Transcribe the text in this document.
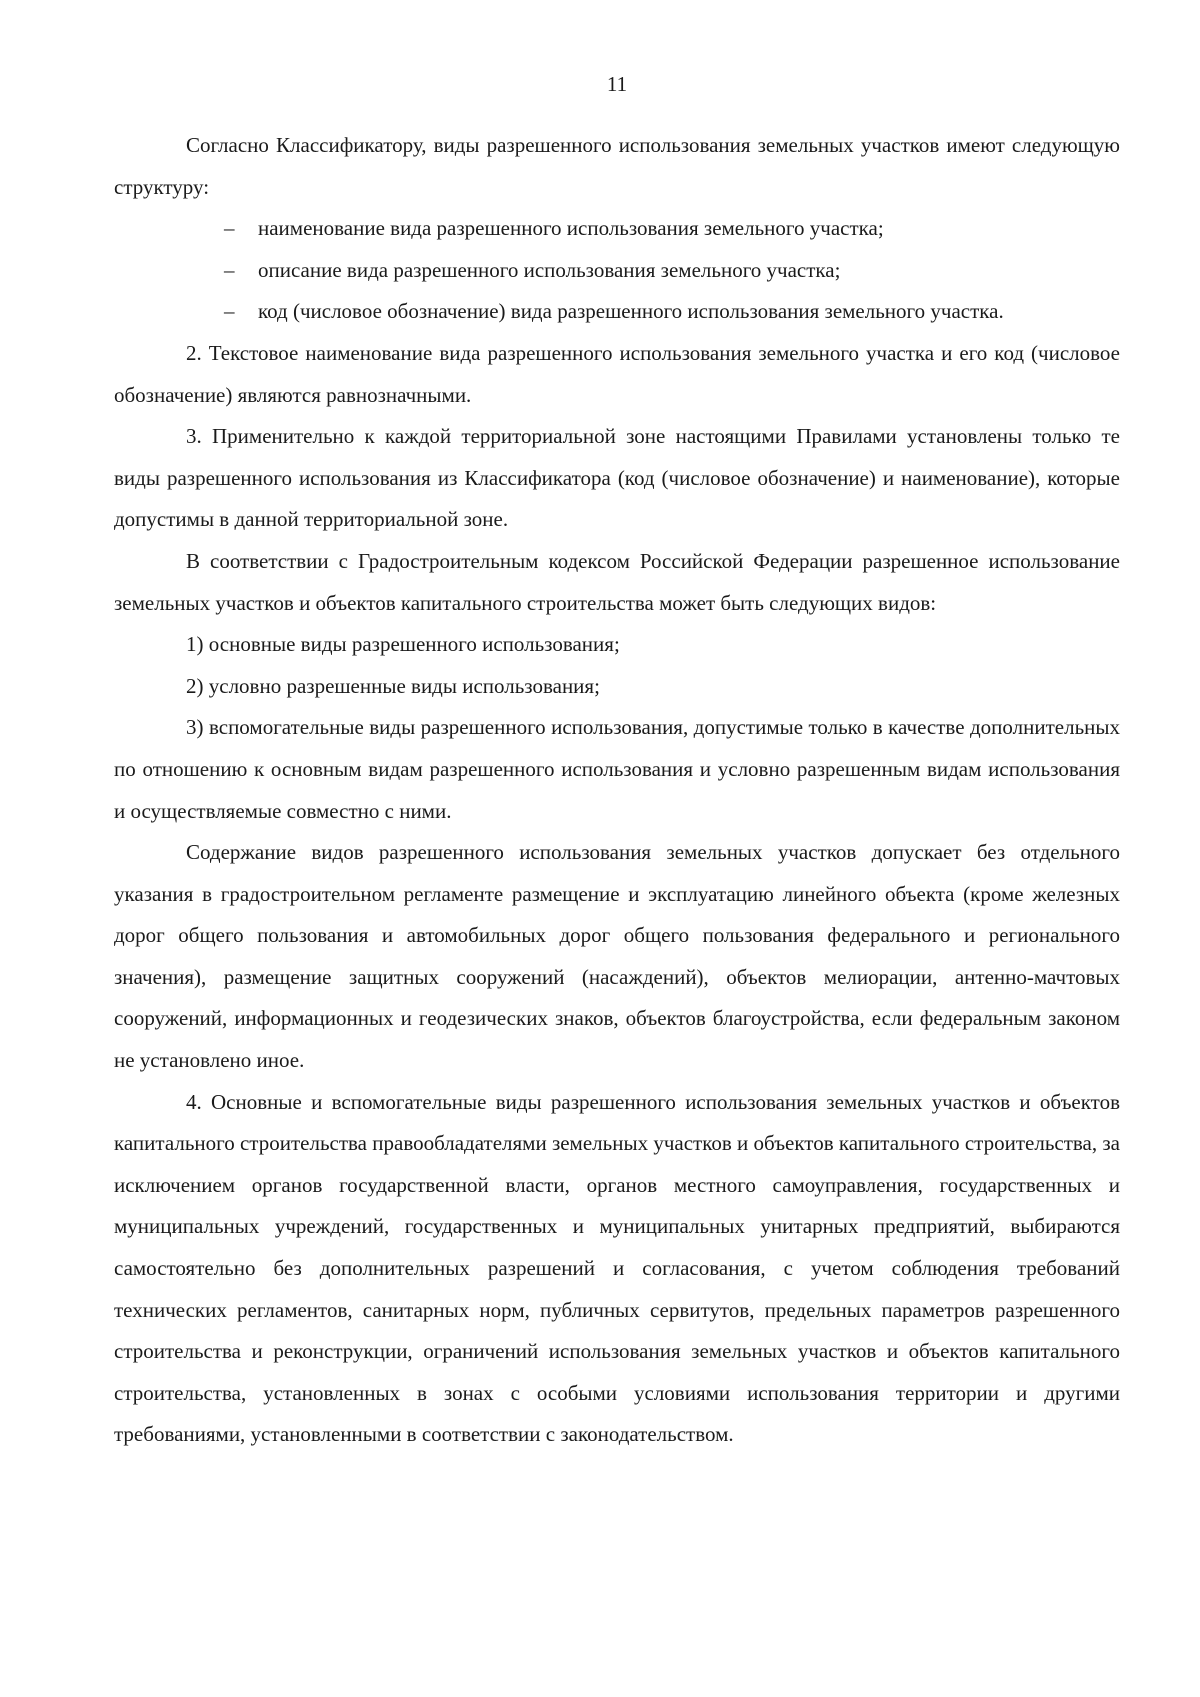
11

Согласно Классификатору, виды разрешенного использования земельных участков имеют следующую структуру:

– наименование вида разрешенного использования земельного участка;

– описание вида разрешенного использования земельного участка;

– код (числовое обозначение) вида разрешенного использования земельного участка.

2. Текстовое наименование вида разрешенного использования земельного участка и его код (числовое обозначение) являются равнозначными.

3. Применительно к каждой территориальной зоне настоящими Правилами установлены только те виды разрешенного использования из Классификатора (код (числовое обозначение) и наименование), которые допустимы в данной территориальной зоне.

В соответствии с Градостроительным кодексом Российской Федерации разрешенное использование земельных участков и объектов капитального строительства может быть следующих видов:

1) основные виды разрешенного использования;

2) условно разрешенные виды использования;

3) вспомогательные виды разрешенного использования, допустимые только в качестве дополнительных по отношению к основным видам разрешенного использования и условно разрешенным видам использования и осуществляемые совместно с ними.

Содержание видов разрешенного использования земельных участков допускает без отдельного указания в градостроительном регламенте размещение и эксплуатацию линейного объекта (кроме железных дорог общего пользования и автомобильных дорог общего пользования федерального и регионального значения), размещение защитных сооружений (насаждений), объектов мелиорации, антенно-мачтовых сооружений, информационных и геодезических знаков, объектов благоустройства, если федеральным законом не установлено иное.

4. Основные и вспомогательные виды разрешенного использования земельных участков и объектов капитального строительства правообладателями земельных участков и объектов капитального строительства, за исключением органов государственной власти, органов местного самоуправления, государственных и муниципальных учреждений, государственных и муниципальных унитарных предприятий, выбираются самостоятельно без дополнительных разрешений и согласования, с учетом соблюдения требований технических регламентов, санитарных норм, публичных сервитутов, предельных параметров разрешенного строительства и реконструкции, ограничений использования земельных участков и объектов капитального строительства, установленных в зонах с особыми условиями использования территории и другими требованиями, установленными в соответствии с законодательством.
